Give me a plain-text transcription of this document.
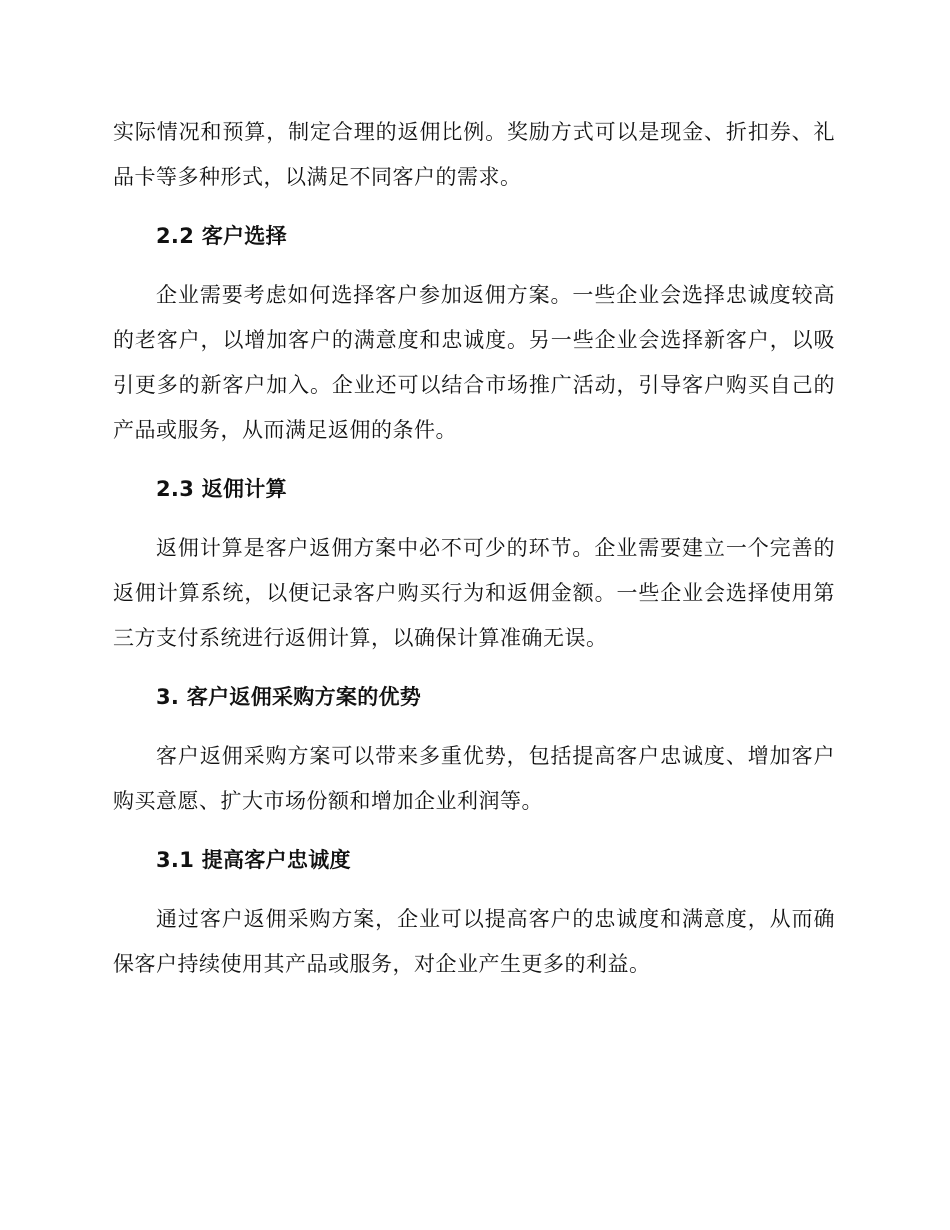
实际情况和预算，制定合理的返佣比例。奖励方式可以是现金、折扣券、礼品卡等多种形式，以满足不同客户的需求。

2.2 客户选择

企业需要考虑如何选择客户参加返佣方案。一些企业会选择忠诚度较高的老客户，以增加客户的满意度和忠诚度。另一些企业会选择新客户，以吸引更多的新客户加入。企业还可以结合市场推广活动，引导客户购买自己的产品或服务，从而满足返佣的条件。

2.3 返佣计算

返佣计算是客户返佣方案中必不可少的环节。企业需要建立一个完善的返佣计算系统，以便记录客户购买行为和返佣金额。一些企业会选择使用第三方支付系统进行返佣计算，以确保计算准确无误。

3. 客户返佣采购方案的优势

客户返佣采购方案可以带来多重优势，包括提高客户忠诚度、增加客户购买意愿、扩大市场份额和增加企业利润等。

3.1 提高客户忠诚度

通过客户返佣采购方案，企业可以提高客户的忠诚度和满意度，从而确保客户持续使用其产品或服务，对企业产生更多的利益。
